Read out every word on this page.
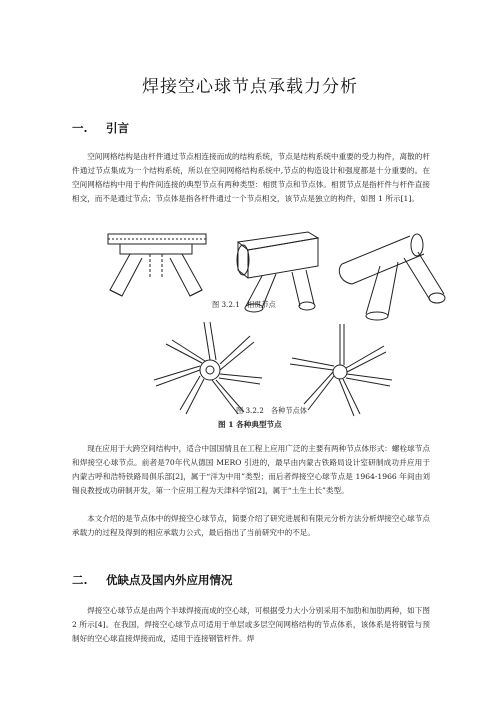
焊接空心球节点承载力分析
一. 引言
空间网格结构是由杆件通过节点相连接而成的结构系统，节点是结构系统中重要的受力构件，离散的杆件通过节点集成为一个结构系统，所以在空间网格结构系统中,节点的构造设计和强度都是十分重要的。在空间网格结构中用于构件间连接的典型节点有两种类型：相贯节点和节点体。相贯节点是指杆件与杆件直接相交，而不是通过节点；节点体是指各杆件通过一个节点相交，该节点是独立的构件，如图 1 所示[1]。
图 3.2.1　相贯节点
图 3.2.2　各种节点体
图 1 各种典型节点
现在应用于大跨空间结构中，适合中国国情且在工程上应用广泛的主要有两种节点体形式：螺栓球节点和焊接空心球节点。前者是70年代从德国 MERO 引进的，最早由内蒙古铁路局设计室研制成功并应用于内蒙古呼和浩特铁路局俱乐部[2]，属于“洋为中用”类型；而后者焊接空心球节点是 1964-1966 年间由刘锡良教授成功研制开发，第一个应用工程为天津科学馆[2]，属于“土生土长”类型。
本文介绍的是节点体中的焊接空心球节点，简要介绍了研究进展和有限元分析方法分析焊接空心球节点承载力的过程及得到的相应承载力公式，最后指出了当前研究中的不足。
二. 优缺点及国内外应用情况
焊接空心球节点是由两个半球焊接而成的空心球，可根据受力大小分别采用不加肋和加肋两种，如下图 2 所示[4]。在我国，焊接空心球节点可适用于单层或多层空间网格结构的节点体系，该体系是将钢管与预制好的空心球直接焊接而成，适用于连接钢管杆件。焊
